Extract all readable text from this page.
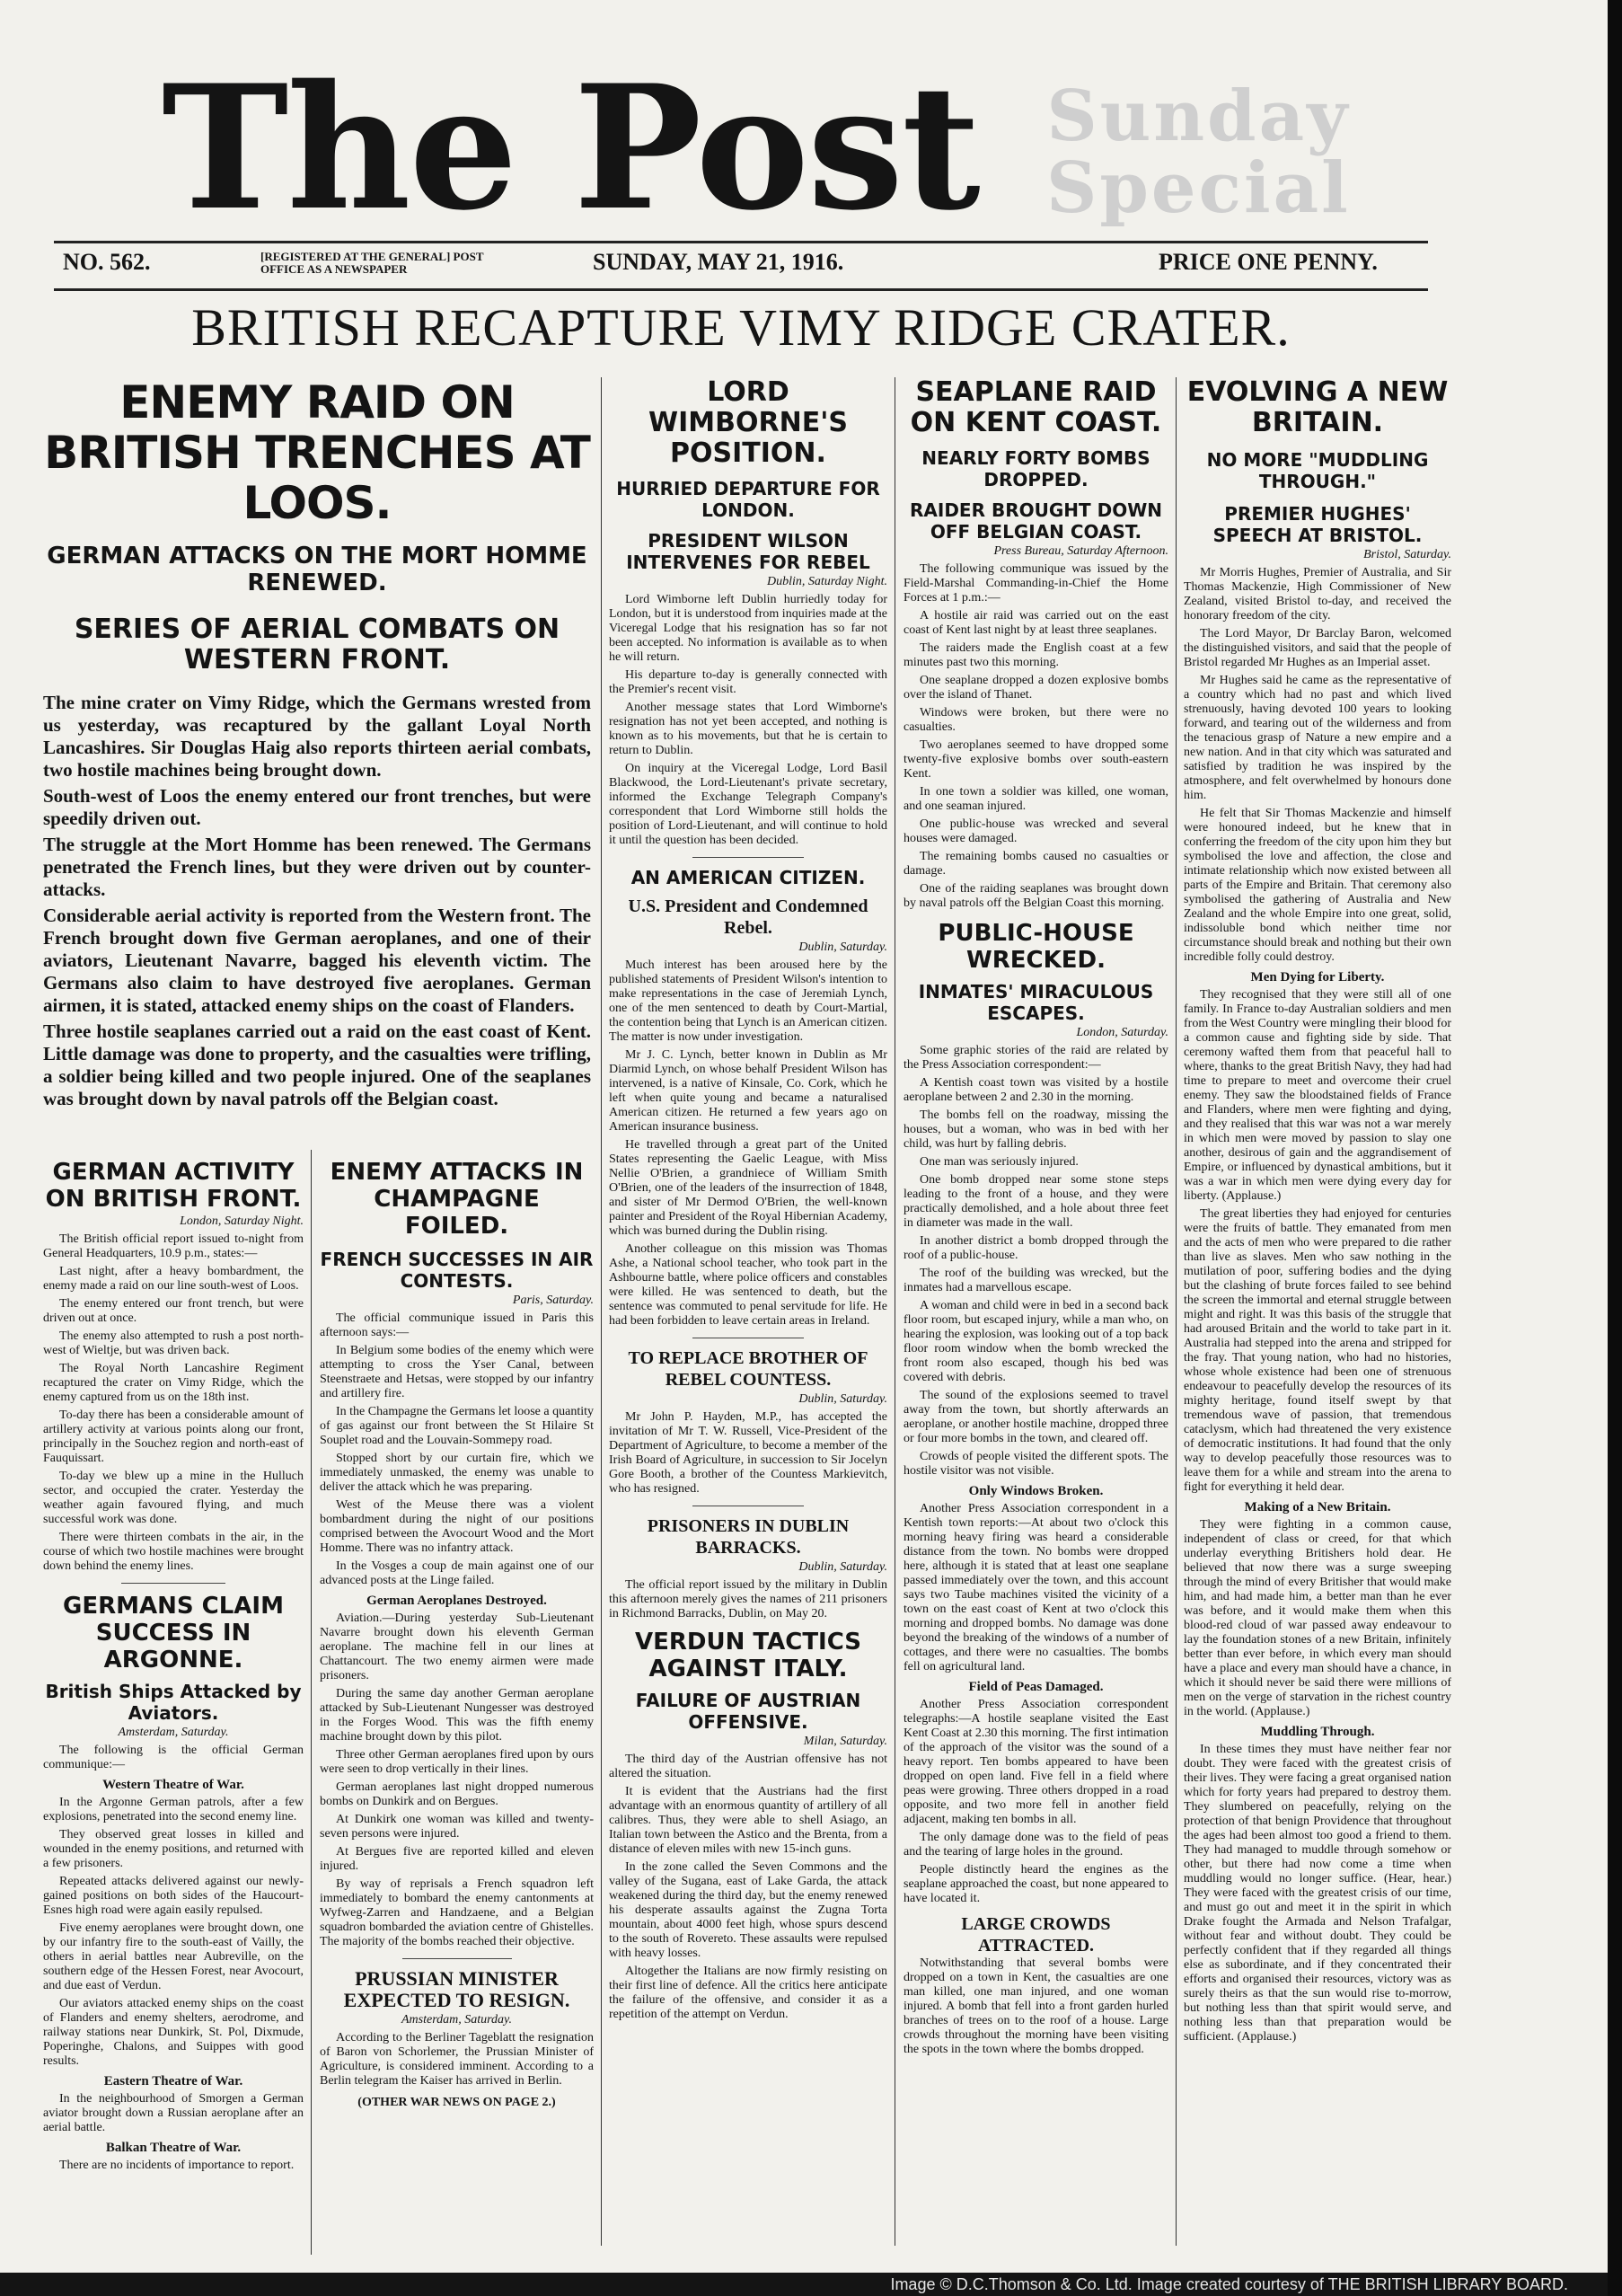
The Post Sunday
Special
NO. 562.	[REGISTERED AT THE GENERAL] POST OFFICE AS A NEWSPAPER	SUNDAY, MAY 21, 1916.	PRICE ONE PENNY.
BRITISH RECAPTURE VIMY RIDGE CRATER.
ENEMY RAID ON BRITISH TRENCHES AT LOOS.
GERMAN ATTACKS ON THE MORT HOMME RENEWED.
SERIES OF AERIAL COMBATS ON WESTERN FRONT.

The mine crater on Vimy Ridge, which the Germans wrested from us yesterday, was recaptured by the gallant Loyal North Lancashires. Sir Douglas Haig also reports thirteen aerial combats, two hostile machines being brought down.

South-west of Loos the enemy entered our front trenches, but were speedily driven out.

The struggle at the Mort Homme has been renewed. The Germans penetrated the French lines, but they were driven out by counter-attacks.

Considerable aerial activity is reported from the Western front. The French brought down five German aeroplanes, and one of their aviators, Lieutenant Navarre, bagged his eleventh victim. The Germans also claim to have destroyed five aeroplanes. German airmen, it is stated, attacked enemy ships on the coast of Flanders.

Three hostile seaplanes carried out a raid on the east coast of Kent. Little damage was done to property, and the casualties were trifling, a soldier being killed and two people injured. One of the seaplanes was brought down by naval patrols off the Belgian coast.

GERMAN ACTIVITY ON BRITISH FRONT.
London, Saturday Night.

The British official report issued to-night from General Headquarters, 10.9 p.m., states:—

Last night, after a heavy bombardment, the enemy made a raid on our line south-west of Loos.

The enemy entered our front trench, but were driven out at once.

The enemy also attempted to rush a post north-west of Wieltje, but was driven back.

The Royal North Lancashire Regiment recaptured the crater on Vimy Ridge, which the enemy captured from us on the 18th inst.

To-day there has been a considerable amount of artillery activity at various points along our front, principally in the Souchez region and north-east of Fauquissart.

To-day we blew up a mine in the Hulluch sector, and occupied the crater. Yesterday the weather again favoured flying, and much successful work was done.

There were thirteen combats in the air, in the course of which two hostile machines were brought down behind the enemy lines.

GERMANS CLAIM SUCCESS IN ARGONNE.
British Ships Attacked by Aviators.
Amsterdam, Saturday.

The following is the official German communique:—

Western Theatre of War.

In the Argonne German patrols, after a few explosions, penetrated into the second enemy line.

They observed great losses in killed and wounded in the enemy positions, and returned with a few prisoners.

Repeated attacks delivered against our newly-gained positions on both sides of the Haucourt-Esnes high road were again easily repulsed.

Five enemy aeroplanes were brought down, one by our infantry fire to the south-east of Vailly, the others in aerial battles near Aubreville, on the southern edge of the Hessen Forest, near Avocourt, and due east of Verdun.

Our aviators attacked enemy ships on the coast of Flanders and enemy shelters, aerodrome, and railway stations near Dunkirk, St. Pol, Dixmude, Poperinghe, Chalons, and Suippes with good results.

Eastern Theatre of War.

In the neighbourhood of Smorgen a German aviator brought down a Russian aeroplane after an aerial battle.

Balkan Theatre of War.

There are no incidents of importance to report.

ENEMY ATTACKS IN CHAMPAGNE FOILED.
FRENCH SUCCESSES IN AIR CONTESTS.
Paris, Saturday.

The official communique issued in Paris this afternoon says:—

In Belgium some bodies of the enemy which were attempting to cross the Yser Canal, between Steenstraete and Hetsas, were stopped by our infantry and artillery fire.

In the Champagne the Germans let loose a quantity of gas against our front between the St Hilaire St Souplet road and the Louvain-Sommepy road.

Stopped short by our curtain fire, which we immediately unmasked, the enemy was unable to deliver the attack which he was preparing.

West of the Meuse there was a violent bombardment during the night of our positions comprised between the Avocourt Wood and the Mort Homme. There was no infantry attack.

In the Vosges a coup de main against one of our advanced posts at the Linge failed.

German Aeroplanes Destroyed.

Aviation.—During yesterday Sub-Lieutenant Navarre brought down his eleventh German aeroplane. The machine fell in our lines at Chattancourt. The two enemy airmen were made prisoners.

During the same day another German aeroplane attacked by Sub-Lieutenant Nungesser was destroyed in the Forges Wood. This was the fifth enemy machine brought down by this pilot.

Three other German aeroplanes fired upon by ours were seen to drop vertically in their lines.

German aeroplanes last night dropped numerous bombs on Dunkirk and on Bergues.

At Dunkirk one woman was killed and twenty-seven persons were injured.

At Bergues five are reported killed and eleven injured.

By way of reprisals a French squadron left immediately to bombard the enemy cantonments at Wyfweg-Zarren and Handzaene, and a Belgian squadron bombarded the aviation centre of Ghistelles. The majority of the bombs reached their objective.

PRUSSIAN MINISTER EXPECTED TO RESIGN.
Amsterdam, Saturday.

According to the Berliner Tageblatt the resignation of Baron von Schorlemer, the Prussian Minister of Agriculture, is considered imminent. According to a Berlin telegram the Kaiser has arrived in Berlin.

(OTHER WAR NEWS ON PAGE 2.)
LORD WIMBORNE'S POSITION.
HURRIED DEPARTURE FOR LONDON.
PRESIDENT WILSON INTERVENES FOR REBEL
Dublin, Saturday Night.

Lord Wimborne left Dublin hurriedly today for London, but it is understood from inquiries made at the Viceregal Lodge that his resignation has so far not been accepted. No information is available as to when he will return.

His departure to-day is generally connected with the Premier's recent visit.

Another message states that Lord Wimborne's resignation has not yet been accepted, and nothing is known as to his movements, but that he is certain to return to Dublin.

On inquiry at the Viceregal Lodge, Lord Basil Blackwood, the Lord-Lieutenant's private secretary, informed the Exchange Telegraph Company's correspondent that Lord Wimborne still holds the position of Lord-Lieutenant, and will continue to hold it until the question has been decided.

AN AMERICAN CITIZEN.
U.S. President and Condemned Rebel.
Dublin, Saturday.

Much interest has been aroused here by the published statements of President Wilson's intention to make representations in the case of Jeremiah Lynch, one of the men sentenced to death by Court-Martial, the contention being that Lynch is an American citizen. The matter is now under investigation.

Mr J. C. Lynch, better known in Dublin as Mr Diarmid Lynch, on whose behalf President Wilson has intervened, is a native of Kinsale, Co. Cork, which he left when quite young and became a naturalised American citizen. He returned a few years ago on American insurance business.

He travelled through a great part of the United States representing the Gaelic League, with Miss Nellie O'Brien, a grandniece of William Smith O'Brien, one of the leaders of the insurrection of 1848, and sister of Mr Dermod O'Brien, the well-known painter and President of the Royal Hibernian Academy, which was burned during the Dublin rising.

Another colleague on this mission was Thomas Ashe, a National school teacher, who took part in the Ashbourne battle, where police officers and constables were killed. He was sentenced to death, but the sentence was commuted to penal servitude for life. He had been forbidden to leave certain areas in Ireland.

TO REPLACE BROTHER OF REBEL COUNTESS.
Dublin, Saturday.

Mr John P. Hayden, M.P., has accepted the invitation of Mr T. W. Russell, Vice-President of the Department of Agriculture, to become a member of the Irish Board of Agriculture, in succession to Sir Jocelyn Gore Booth, a brother of the Countess Markievitch, who has resigned.

PRISONERS IN DUBLIN BARRACKS.
Dublin, Saturday.

The official report issued by the military in Dublin this afternoon merely gives the names of 211 prisoners in Richmond Barracks, Dublin, on May 20.

VERDUN TACTICS AGAINST ITALY.
FAILURE OF AUSTRIAN OFFENSIVE.
Milan, Saturday.

The third day of the Austrian offensive has not altered the situation.

It is evident that the Austrians had the first advantage with an enormous quantity of artillery of all calibres. Thus, they were able to shell Asiago, an Italian town between the Astico and the Brenta, from a distance of eleven miles with new 15-inch guns.

In the zone called the Seven Commons and the valley of the Sugana, east of Lake Garda, the attack weakened during the third day, but the enemy renewed his desperate assaults against the Zugna Torta mountain, about 4000 feet high, whose spurs descend to the south of Rovereto. These assaults were repulsed with heavy losses.

Altogether the Italians are now firmly resisting on their first line of defence. All the critics here anticipate the failure of the offensive, and consider it as a repetition of the attempt on Verdun.

SEAPLANE RAID ON KENT COAST.
NEARLY FORTY BOMBS DROPPED.
RAIDER BROUGHT DOWN OFF BELGIAN COAST.
Press Bureau, Saturday Afternoon.

The following communique was issued by the Field-Marshal Commanding-in-Chief the Home Forces at 1 p.m.:—

A hostile air raid was carried out on the east coast of Kent last night by at least three seaplanes.

The raiders made the English coast at a few minutes past two this morning.

One seaplane dropped a dozen explosive bombs over the island of Thanet.

Windows were broken, but there were no casualties.

Two aeroplanes seemed to have dropped some twenty-five explosive bombs over south-eastern Kent.

In one town a soldier was killed, one woman, and one seaman injured.

One public-house was wrecked and several houses were damaged.

The remaining bombs caused no casualties or damage.

One of the raiding seaplanes was brought down by naval patrols off the Belgian Coast this morning.

PUBLIC-HOUSE WRECKED.
INMATES' MIRACULOUS ESCAPES.
London, Saturday.

Some graphic stories of the raid are related by the Press Association correspondent:—

A Kentish coast town was visited by a hostile aeroplane between 2 and 2.30 in the morning.

The bombs fell on the roadway, missing the houses, but a woman, who was in bed with her child, was hurt by falling debris.

One man was seriously injured.

One bomb dropped near some stone steps leading to the front of a house, and they were practically demolished, and a hole about three feet in diameter was made in the wall.

In another district a bomb dropped through the roof of a public-house.

The roof of the building was wrecked, but the inmates had a marvellous escape.

A woman and child were in bed in a second back floor room, but escaped injury, while a man who, on hearing the explosion, was looking out of a top back floor room window when the bomb wrecked the front room also escaped, though his bed was covered with debris.

The sound of the explosions seemed to travel away from the town, but shortly afterwards an aeroplane, or another hostile machine, dropped three or four more bombs in the town, and cleared off.

Crowds of people visited the different spots. The hostile visitor was not visible.

Only Windows Broken.

Another Press Association correspondent in a Kentish town reports:—At about two o'clock this morning heavy firing was heard a considerable distance from the town. No bombs were dropped here, although it is stated that at least one seaplane passed immediately over the town, and this account says two Taube machines visited the vicinity of a town on the east coast of Kent at two o'clock this morning and dropped bombs. No damage was done beyond the breaking of the windows of a number of cottages, and there were no casualties. The bombs fell on agricultural land.

Field of Peas Damaged.

Another Press Association correspondent telegraphs:—A hostile seaplane visited the East Kent Coast at 2.30 this morning. The first intimation of the approach of the visitor was the sound of a heavy report. Ten bombs appeared to have been dropped on open land. Five fell in a field where peas were growing. Three others dropped in a road opposite, and two more fell in another field adjacent, making ten bombs in all.

The only damage done was to the field of peas and the tearing of large holes in the ground.

People distinctly heard the engines as the seaplane approached the coast, but none appeared to have located it.

LARGE CROWDS ATTRACTED.

Notwithstanding that several bombs were dropped on a town in Kent, the casualties are one man killed, one man injured, and one woman injured. A bomb that fell into a front garden hurled branches of trees on to the roof of a house. Large crowds throughout the morning have been visiting the spots in the town where the bombs dropped.

EVOLVING A NEW BRITAIN.
NO MORE "MUDDLING THROUGH."
PREMIER HUGHES' SPEECH AT BRISTOL.
Bristol, Saturday.

Mr Morris Hughes, Premier of Australia, and Sir Thomas Mackenzie, High Commissioner of New Zealand, visited Bristol to-day, and received the honorary freedom of the city.

The Lord Mayor, Dr Barclay Baron, welcomed the distinguished visitors, and said that the people of Bristol regarded Mr Hughes as an Imperial asset.

Mr Hughes said he came as the representative of a country which had no past and which lived strenuously, having devoted 100 years to looking forward, and tearing out of the wilderness and from the tenacious grasp of Nature a new empire and a new nation. And in that city which was saturated and satisfied by tradition he was inspired by the atmosphere, and felt overwhelmed by honours done him.

He felt that Sir Thomas Mackenzie and himself were honoured indeed, but he knew that in conferring the freedom of the city upon him they but symbolised the love and affection, the close and intimate relationship which now existed between all parts of the Empire and Britain. That ceremony also symbolised the gathering of Australia and New Zealand and the whole Empire into one great, solid, indissoluble bond which neither time nor circumstance should break and nothing but their own incredible folly could destroy.

Men Dying for Liberty.

They recognised that they were still all of one family. In France to-day Australian soldiers and men from the West Country were mingling their blood for a common cause and fighting side by side. That ceremony wafted them from that peaceful hall to where, thanks to the great British Navy, they had had time to prepare to meet and overcome their cruel enemy. They saw the bloodstained fields of France and Flanders, where men were fighting and dying, and they realised that this war was not a war merely in which men were moved by passion to slay one another, desirous of gain and the aggrandisement of Empire, or influenced by dynastical ambitions, but it was a war in which men were dying every day for liberty. (Applause.)

The great liberties they had enjoyed for centuries were the fruits of battle. They emanated from men and the acts of men who were prepared to die rather than live as slaves. Men who saw nothing in the mutilation of poor, suffering bodies and the dying but the clashing of brute forces failed to see behind the screen the immortal and eternal struggle between might and right. It was this basis of the struggle that had aroused Britain and the world to take part in it. Australia had stepped into the arena and stripped for the fray. That young nation, who had no histories, whose whole existence had been one of strenuous endeavour to peacefully develop the resources of its mighty heritage, found itself swept by that tremendous wave of passion, that tremendous cataclysm, which had threatened the very existence of democratic institutions. It had found that the only way to develop peacefully those resources was to leave them for a while and stream into the arena to fight for everything it held dear.

Making of a New Britain.

They were fighting in a common cause, independent of class or creed, for that which underlay everything Britishers hold dear. He believed that now there was a surge sweeping through the mind of every Britisher that would make him, and had made him, a better man than he ever was before, and it would make them when this blood-red cloud of war passed away endeavour to lay the foundation stones of a new Britain, infinitely better than ever before, in which every man should have a place and every man should have a chance, in which it should never be said there were millions of men on the verge of starvation in the richest country in the world. (Applause.)

Muddling Through.

In these times they must have neither fear nor doubt. They were faced with the greatest crisis of their lives. They were facing a great organised nation which for forty years had prepared to destroy them. They slumbered on peacefully, relying on the protection of that benign Providence that throughout the ages had been almost too good a friend to them. They had managed to muddle through somehow or other, but there had now come a time when muddling would no longer suffice. (Hear, hear.) They were faced with the greatest crisis of our time, and must go out and meet it in the spirit in which Drake fought the Armada and Nelson Trafalgar, without fear and without doubt. They could be perfectly confident that if they regarded all things else as subordinate, and if they concentrated their efforts and organised their resources, victory was as surely theirs as that the sun would rise to-morrow, but nothing less than that spirit would serve, and nothing less than that preparation would be sufficient. (Applause.)

Image © D.C.Thomson & Co. Ltd. Image created courtesy of THE BRITISH LIBRARY BOARD.
